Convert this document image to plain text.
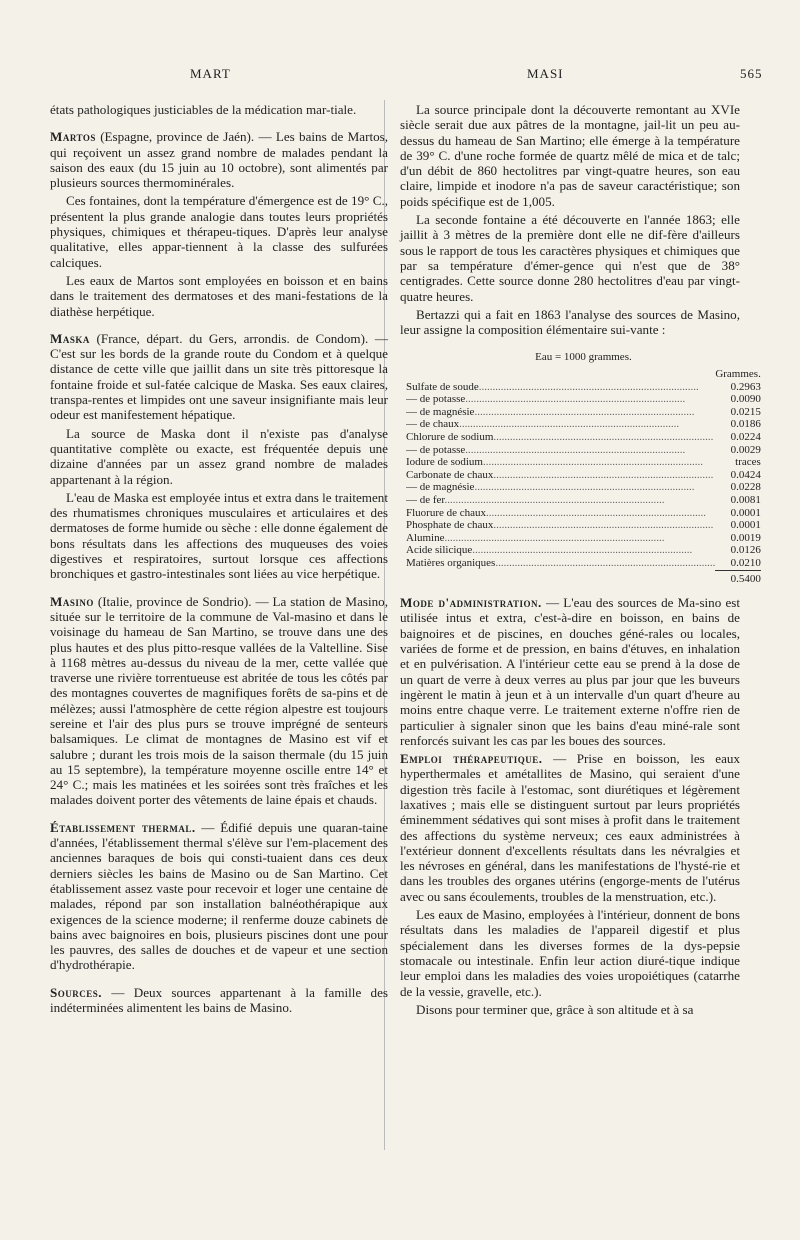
MART	MASI	565

états pathologiques justiciables de la médication mar-tiale.

Martos (Espagne, province de Jaén). — Les bains de Martos, qui reçoivent un assez grand nombre de malades pendant la saison des eaux (du 15 juin au 10 octobre), sont alimentés par plusieurs sources thermominérales.

Ces fontaines, dont la température d'émergence est de 19° C., présentent la plus grande analogie dans toutes leurs propriétés physiques, chimiques et thérapeu-tiques. D'après leur analyse qualitative, elles appar-tiennent à la classe des sulfurées calciques.

Les eaux de Martos sont employées en boisson et en bains dans le traitement des dermatoses et des mani-festations de la diathèse herpétique.

Maska (France, départ. du Gers, arrondis. de Condom). — C'est sur les bords de la grande route du Condom et à quelque distance de cette ville que jaillit dans un site très pittoresque la fontaine froide et sul-fatée calcique de Maska. Ses eaux claires, transpa-rentes et limpides ont une saveur insignifiante mais leur odeur est manifestement hépatique.

La source de Maska dont il n'existe pas d'analyse quantitative complète ou exacte, est fréquentée depuis une dizaine d'années par un assez grand nombre de malades appartenant à la région.

L'eau de Maska est employée intus et extra dans le traitement des rhumatismes chroniques musculaires et articulaires et des dermatoses de forme humide ou sèche : elle donne également de bons résultats dans les affections des muqueuses des voies digestives et respiratoires, surtout lorsque ces affections bronchiques et gastro-intestinales sont liées au vice herpétique.

Masino (Italie, province de Sondrio). — La station de Masino, située sur le territoire de la commune de Val-masino et dans le voisinage du hameau de San Martino, se trouve dans une des plus hautes et des plus pitto-resque vallées de la Valtelline. Sise à 1168 mètres au-dessus du niveau de la mer, cette vallée que traverse une rivière torrentueuse est abritée de tous les côtés par des montagnes couvertes de magnifiques forêts de sa-pins et de mélèzes; aussi l'atmosphère de cette région alpestre est toujours sereine et l'air des plus purs se trouve imprégné de senteurs balsamiques. Le climat de montagnes de Masino est vif et salubre ; durant les trois mois de la saison thermale (du 15 juin au 15 septembre), la température moyenne oscille entre 14° et 24° C.; mais les matinées et les soirées sont très fraîches et les malades doivent porter des vêtements de laine épais et chauds.

Établissement thermal. — Édifié depuis une quaran-taine d'années, l'établissement thermal s'élève sur l'em-placement des anciennes baraques de bois qui consti-tuaient dans ces deux derniers siècles les bains de Masino ou de San Martino. Cet établissement assez vaste pour recevoir et loger une centaine de malades, répond par son installation balnéothérapique aux exigences de la science moderne; il renferme douze cabinets de bains avec baignoires en bois, plusieurs piscines dont une pour les pauvres, des salles de douches et de vapeur et une section d'hydrothérapie.

Sources. — Deux sources appartenant à la famille des indéterminées alimentent les bains de Masino.

La source principale dont la découverte remontant au XVIe siècle serait due aux pâtres de la montagne, jail-lit un peu au-dessus du hameau de San Martino; elle émerge à la température de 39° C. d'une roche formée de quartz mêlé de mica et de talc; d'un débit de 860 hectolitres par vingt-quatre heures, son eau claire, limpide et inodore n'a pas de saveur caractéristique; son poids spécifique est de 1,005.

La seconde fontaine a été découverte en l'année 1863; elle jaillit à 3 mètres de la première dont elle ne dif-fère d'ailleurs sous le rapport de tous les caractères physiques et chimiques que par sa température d'émer-gence qui n'est que de 38° centigrades. Cette source donne 280 hectolitres d'eau par vingt-quatre heures.

Bertazzi qui a fait en 1863 l'analyse des sources de Masino, leur assigne la composition élémentaire sui-vante :

Eau = 1000 grammes.
	Grammes.
Sulfate de soude................................................................................	0.2963
— de potasse................................................................................	0.0090
— de magnésie................................................................................	0.0215
— de chaux................................................................................	0.0186
Chlorure de sodium................................................................................	0.0224
— de potasse................................................................................	0.0029
Iodure de sodium................................................................................	traces
Carbonate de chaux................................................................................	0.0424
— de magnésie................................................................................	0.0228
— de fer................................................................................	0.0081
Fluorure de chaux................................................................................	0.0001
Phosphate de chaux................................................................................	0.0001
Alumine................................................................................	0.0019
Acide silicique................................................................................	0.0126
Matières organiques................................................................................	0.0210
	0.5400

Mode d'administration. — L'eau des sources de Ma-sino est utilisée intus et extra, c'est-à-dire en boisson, en bains de baignoires et de piscines, en douches géné-rales ou locales, variées de forme et de pression, en bains d'étuves, en inhalation et en pulvérisation. A l'intérieur cette eau se prend à la dose de un quart de verre à deux verres au plus par jour que les buveurs ingèrent le matin à jeun et à un intervalle d'un quart d'heure au moins entre chaque verre. Le traitement externe n'offre rien de particulier à signaler sinon que les bains d'eau miné-rale sont renforcés suivant les cas par les boues des sources.

Emploi thérapeutique. — Prise en boisson, les eaux hyperthermales et amétallites de Masino, qui seraient d'une digestion très facile à l'estomac, sont diurétiques et légèrement laxatives ; mais elle se distinguent surtout par leurs propriétés éminemment sédatives qui sont mises à profit dans le traitement des affections du système nerveux; ces eaux administrées à l'extérieur donnent d'excellents résultats dans les névralgies et les névroses en général, dans les manifestations de l'hysté-rie et dans les troubles des organes utérins (engorge-ments de l'utérus avec ou sans écoulements, troubles de la menstruation, etc.).

Les eaux de Masino, employées à l'intérieur, donnent de bons résultats dans les maladies de l'appareil digestif et plus spécialement dans les diverses formes de la dys-pepsie stomacale ou intestinale. Enfin leur action diuré-tique indique leur emploi dans les maladies des voies uropoiétiques (catarrhe de la vessie, gravelle, etc.).

Disons pour terminer que, grâce à son altitude et à sa
